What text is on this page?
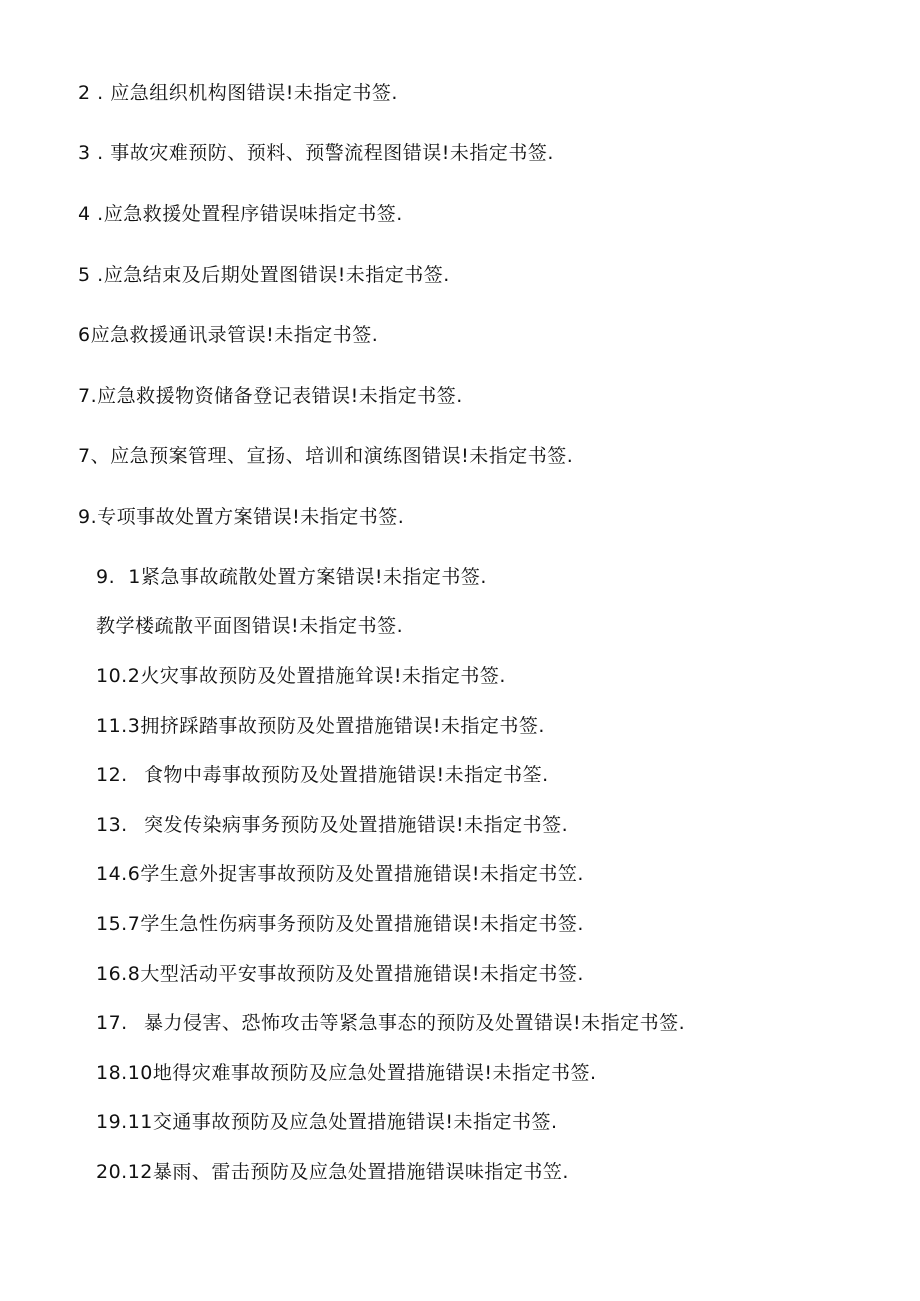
2 . 应急组织机构图错误!未指定书签.
3 . 事故灾难预防、预料、预警流程图错误!未指定书签.
4 .应急救援处置程序错误味指定书签.
5 .应急结束及后期处置图错误!未指定书签.
6应急救援通讯录管误!未指定书签.
7.应急救援物资储备登记表错误!未指定书签.
7、应急预案管理、宣扬、培训和演练图错误!未指定书签.
9.专项事故处置方案错误!未指定书签.
9.  1紧急事故疏散处置方案错误!未指定书签.
教学楼疏散平面图错误!未指定书签.
10.2火灾事故预防及处置措施耸误!未指定书签.
11.3拥挤踩踏事故预防及处置措施错误!未指定书签.
12. 食物中毒事故预防及处置措施错误!未指定书筌.
13. 突发传染病事务预防及处置措施错误!未指定书签.
14.6学生意外捉害事故预防及处置措施错误!未指定书笠.
15.7学生急性伤病事务预防及处置措施错误!未指定书签.
16.8大型活动平安事故预防及处置措施错误!未指定书签.
17. 暴力侵害、恐怖攻击等紧急事态的预防及处置错误!未指定书签.
18.10地得灾难事故预防及应急处置措施错误!未指定书签.
19.11交通事故预防及应急处置措施错误!未指定书签.
20.12暴雨、雷击预防及应急处置措施错误味指定书笠.
